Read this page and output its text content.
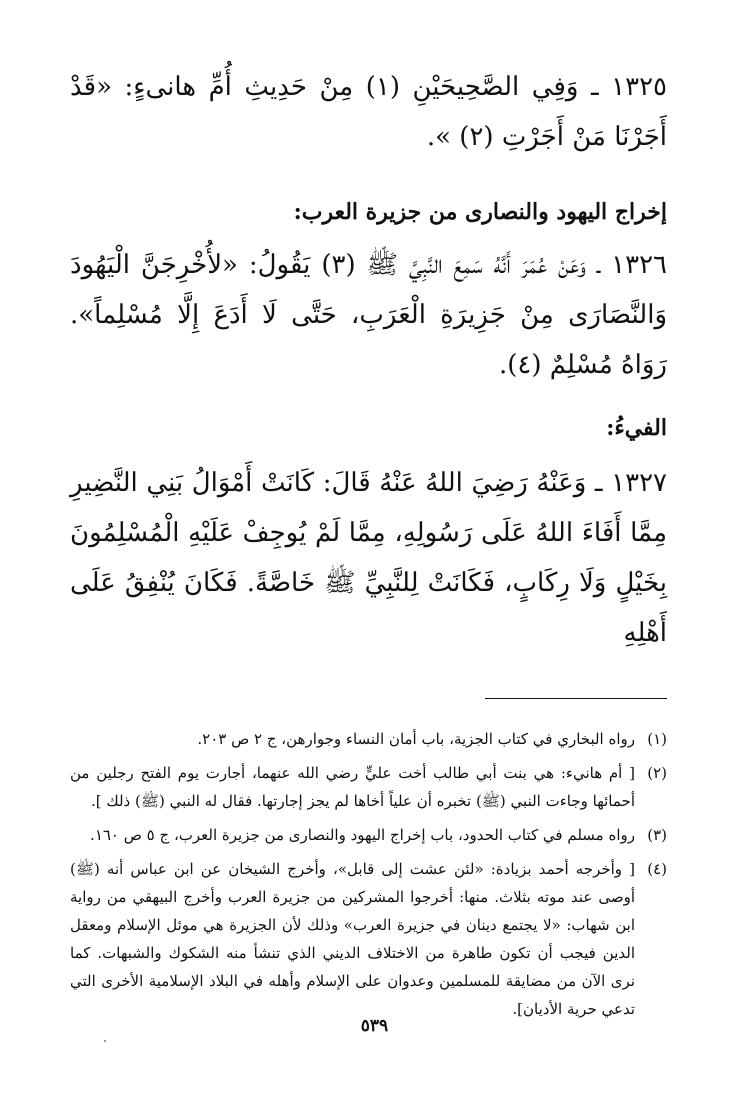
١٣٢٥ ـ وَفِي الصَّحِيحَيْنِ (١) مِنْ حَدِيثِ أُمِّ هانىءٍ: «قَدْ أَجَرْنَا مَنْ أَجَرْتِ (٢) ».

إخراج اليهود والنصارى من جزيرة العرب:

١٣٢٦ ـ وَعَنْ عُمَرَ أَنَّهُ سَمِعَ النَّبِيَّ ﷺ (٣) يَقُولُ: «لأُخْرِجَنَّ الْيَهُودَ وَالنَّصَارَى مِنْ جَزِيرَةِ الْعَرَبِ، حَتَّى لَا أَدَعَ إِلَّا مُسْلِماً». رَوَاهُ مُسْلِمٌ (٤).

الفيءُ:

١٣٢٧ ـ وَعَنْهُ رَضِيَ اللهُ عَنْهُ قَالَ: كَانَتْ أَمْوَالُ بَنِي النَّضِيرِ مِمَّا أَفَاءَ اللهُ عَلَى رَسُولِهِ، مِمَّا لَمْ يُوجِفْ عَلَيْهِ الْمُسْلِمُونَ بِخَيْلٍ وَلَا رِكَابٍ، فَكَانَتْ لِلنَّبِيِّ ﷺ خَاصَّةً. فَكَانَ يُنْفِقُ عَلَى أَهْلِهِ

(١)
رواه البخاري في كتاب الجزية، باب أمان النساء وجوارهن، ج ٢ ص ٢٠٣.
(٢)
[ أم هانيء: هي بنت أبي طالب أخت عليٍّ رضي الله عنهما، أجارت يوم الفتح رجلين من أحمائها وجاءت النبي (ﷺ) تخبره أن علياً أخاها لم يجز إجارتها. فقال له النبي (ﷺ) ذلك ].
(٣)
رواه مسلم في كتاب الحدود، باب إخراج اليهود والنصارى من جزيرة العرب، ج ٥ ص ١٦٠.
(٤)
[ وأخرجه أحمد بزيادة: «لئن عشت إلى قابل»، وأخرج الشيخان عن ابن عباس أنه (ﷺ) أوصى عند موته بثلاث. منها: أخرجوا المشركين من جزيرة العرب وأخرج البيهقي من رواية ابن شهاب: «لا يجتمع دينان في جزيرة العرب» وذلك لأن الجزيرة هي موئل الإسلام ومعقل الدين فيجب أن تكون طاهرة من الاختلاف الديني الذي تنشأ منه الشكوك والشبهات. كما نرى الآن من مضايقة للمسلمين وعدوان على الإسلام وأهله في البلاد الإسلامية الأخرى التي تدعي حرية الأديان].
٥٣٩
